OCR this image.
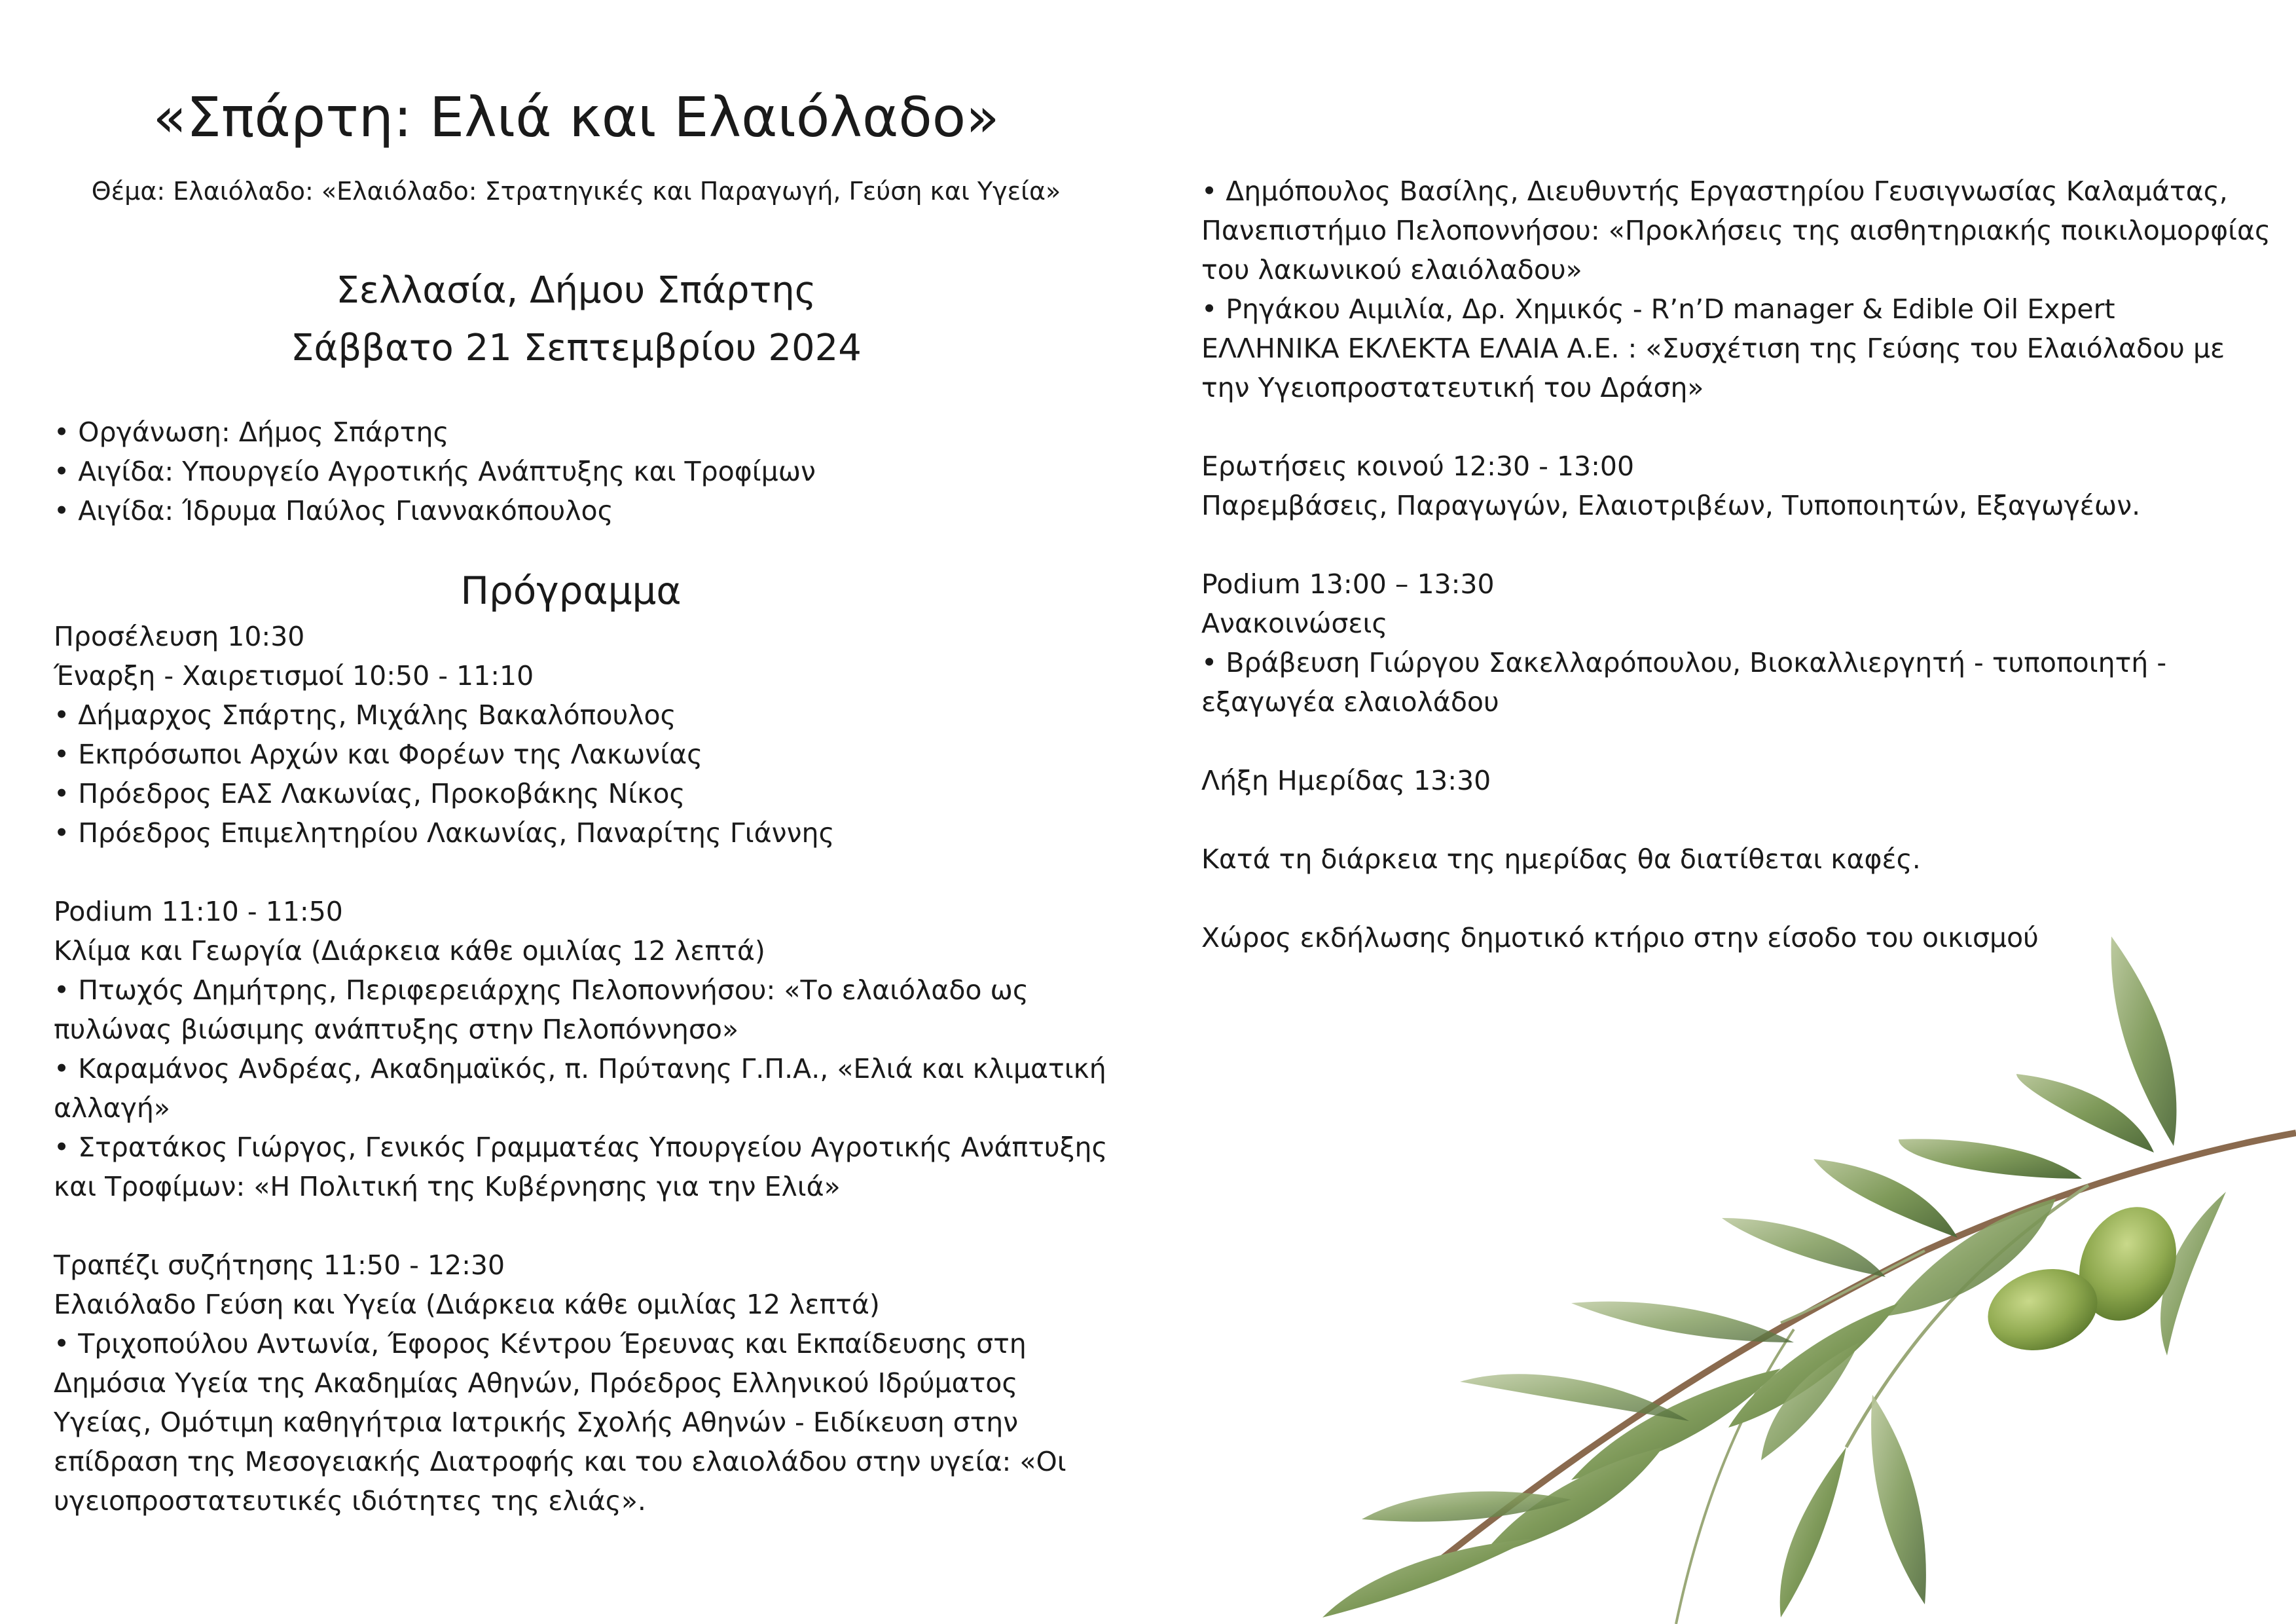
«Σπάρτη: Ελιά και Ελαιόλαδο»

Θέμα: Ελαιόλαδο: «Ελαιόλαδο: Στρατηγικές και Παραγωγή, Γεύση και Υγεία»

Σελλασία, Δήμου Σπάρτης
Σάββατο 21 Σεπτεμβρίου 2024
• Οργάνωση: Δήμος Σπάρτης
• Αιγίδα: Υπουργείο Αγροτικής Ανάπτυξης και Τροφίμων
• Αιγίδα: Ίδρυμα Παύλος Γιαννακόπουλος
Πρόγραμμα
Προσέλευση 10:30
Έναρξη - Χαιρετισμοί 10:50 - 11:10
• Δήμαρχος Σπάρτης, Μιχάλης Βακαλόπουλος
• Εκπρόσωποι Αρχών και Φορέων της Λακωνίας
• Πρόεδρος ΕΑΣ Λακωνίας, Προκοβάκης Νίκος
• Πρόεδρος Επιμελητηρίου Λακωνίας, Παναρίτης Γιάννης
Podium 11:10 - 11:50
Κλίμα και Γεωργία (Διάρκεια κάθε ομιλίας 12 λεπτά)
• Πτωχός Δημήτρης, Περιφερειάρχης Πελοποννήσου: «Το ελαιόλαδο ως
πυλώνας βιώσιμης ανάπτυξης στην Πελοπόννησο»
• Καραμάνος Ανδρέας, Ακαδημαϊκός, π. Πρύτανης Γ.Π.Α., «Ελιά και κλιματική
αλλαγή»
• Στρατάκος Γιώργος, Γενικός Γραμματέας Υπουργείου Αγροτικής Ανάπτυξης
και Τροφίμων: «Η Πολιτική της Κυβέρνησης για την Ελιά»
Τραπέζι συζήτησης 11:50 - 12:30
Ελαιόλαδο Γεύση και Υγεία (Διάρκεια κάθε ομιλίας 12 λεπτά)
• Τριχοπούλου Αντωνία, Έφορος Κέντρου Έρευνας και Εκπαίδευσης στη
Δημόσια Υγεία της Ακαδημίας Αθηνών, Πρόεδρος Ελληνικού Ιδρύματος
Υγείας, Ομότιμη καθηγήτρια Ιατρικής Σχολής Αθηνών - Ειδίκευση στην
επίδραση της Μεσογειακής Διατροφής και του ελαιολάδου στην υγεία: «Οι
υγειοπροστατευτικές ιδιότητες της ελιάς».
• Δημόπουλος Βασίλης, Διευθυντής Εργαστηρίου Γευσιγνωσίας Καλαμάτας,
Πανεπιστήμιο Πελοποννήσου: «Προκλήσεις της αισθητηριακής ποικιλομορφίας
του λακωνικού ελαιόλαδου»
• Ρηγάκου Αιμιλία, Δρ. Χημικός - R’n’D manager & Edible Oil Expert
ΕΛΛΗΝΙΚΑ ΕΚΛΕΚΤΑ ΕΛΑΙΑ Α.Ε. : «Συσχέτιση της Γεύσης του Ελαιόλαδου με
την Υγειοπροστατευτική του Δράση»
Ερωτήσεις κοινού 12:30 - 13:00
Παρεμβάσεις, Παραγωγών, Ελαιοτριβέων, Τυποποιητών, Εξαγωγέων.
Podium 13:00 – 13:30
Ανακοινώσεις
• Βράβευση Γιώργου Σακελλαρόπουλου, Βιοκαλλιεργητή - τυποποιητή -
εξαγωγέα ελαιολάδου
Λήξη Ημερίδας 13:30
Κατά τη διάρκεια της ημερίδας θα διατίθεται καφές.
Χώρος εκδήλωσης δημοτικό κτήριο στην είσοδο του οικισμού
